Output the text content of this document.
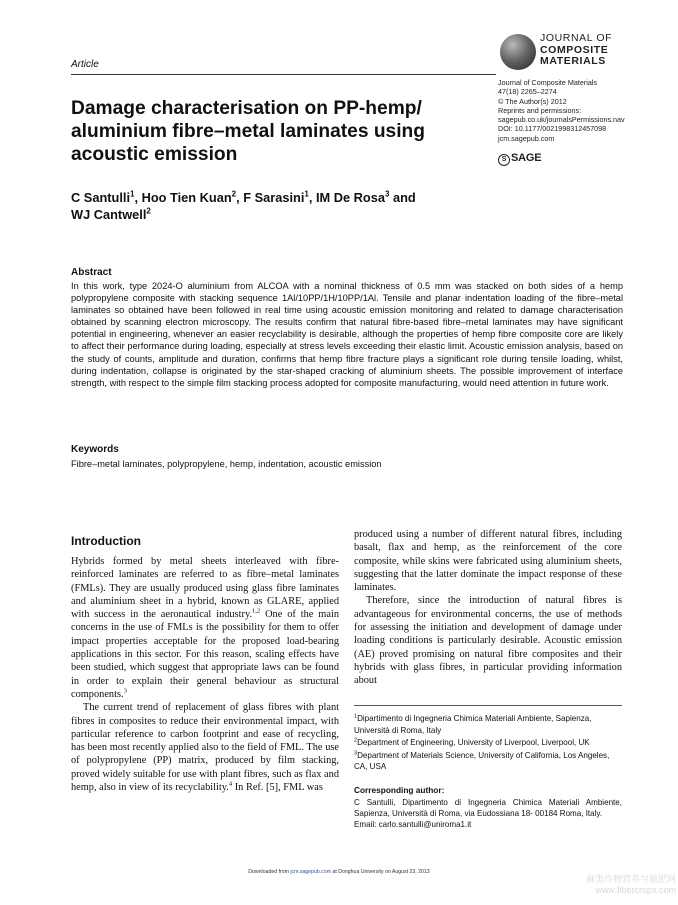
Article
JOURNAL OF
COMPOSITE
MATERIALS
Journal of Composite Materials
47(18) 2265–2274
© The Author(s) 2012
Reprints and permissions:
sagepub.co.uk/journalsPermissions.nav
DOI: 10.1177/0021998312457098
jcm.sagepub.com
S SAGE
Damage characterisation on PP-hemp/ aluminium fibre–metal laminates using acoustic emission
C Santulli$^1$, Hoo Tien Kuan$^2$, F Sarasini$^1$, IM De Rosa$^3$ and
WJ Cantwell$^2$
Abstract
In this work, type 2024-O aluminium from ALCOA with a nominal thickness of 0.5 mm was stacked on both sides of a hemp polypropylene composite with stacking sequence 1Al/10PP/1H/10PP/1Al. Tensile and planar indentation loading of the fibre–metal laminates so obtained have been followed in real time using acoustic emission monitoring and related to damage characterisation obtained by scanning electron microscopy. The results confirm that natural fibre-based fibre–metal laminates may have significant potential in engineering, whenever an easier recyclability is desirable, although the properties of hemp fibre composite core are likely to affect their performance during loading, especially at stress levels exceeding their elastic limit. Acoustic emission analysis, based on the study of counts, amplitude and duration, confirms that hemp fibre fracture plays a significant role during tensile loading, whilst, during indentation, collapse is originated by the star-shaped cracking of aluminium sheets. The possible improvement of interface strength, with respect to the simple film stacking process adopted for composite manufacturing, would need attention in future work.
Keywords
Fibre–metal laminates, polypropylene, hemp, indentation, acoustic emission
Introduction

Hybrids formed by metal sheets interleaved with fibre-reinforced laminates are referred to as fibre–metal laminates (FMLs). They are usually produced using glass fibre laminates and aluminium sheet in a hybrid, known as GLARE, applied with success in the aeronautical industry.$^{1,2}$ One of the main concerns in the use of FMLs is the possibility for them to offer impact properties acceptable for the proposed load-bearing applications in this sector. For this reason, scaling effects have been studied, which suggest that appropriate laws can be found in order to explain their general behaviour as structural components.$^3$

The current trend of replacement of glass fibres with plant fibres in composites to reduce their environmental impact, with particular reference to carbon footprint and ease of recycling, has been most recently applied also to the field of FML. The use of polypropylene (PP) matrix, produced by film stacking, proved widely suitable for use with plant fibres, such as flax and hemp, also in view of its recyclability.$^4$ In Ref. [5], FML was

produced using a number of different natural fibres, including basalt, flax and hemp, as the reinforcement of the core composite, while skins were fabricated using aluminium sheets, suggesting that the latter dominate the impact response of these laminates.

Therefore, since the introduction of natural fibres is advantageous for environmental concerns, the use of methods for assessing the initiation and development of damage under loading conditions is particularly desirable. Acoustic emission (AE) proved promising on natural fibre composites and their hybrids with glass fibres, in particular providing information about

$^1$Dipartimento di Ingegneria Chimica Materiali Ambiente, Sapienza, Università di Roma, Italy

$^2$Department of Engineering, University of Liverpool, Liverpool, UK

$^3$Department of Materials Science, University of California, Los Angeles, CA, USA

Corresponding author:
C Santulli, Dipartimento di Ingegneria Chimica Materiali Ambiente, Sapienza, Università di Roma, via Eudossiana 18- 00184 Roma, Italy.
Email: carlo.santulli@uniroma1.it
Downloaded from jcm.sagepub.com at Donghua University on August 23, 2013
麻类作物营养与施肥网
www.fibercrops.com
